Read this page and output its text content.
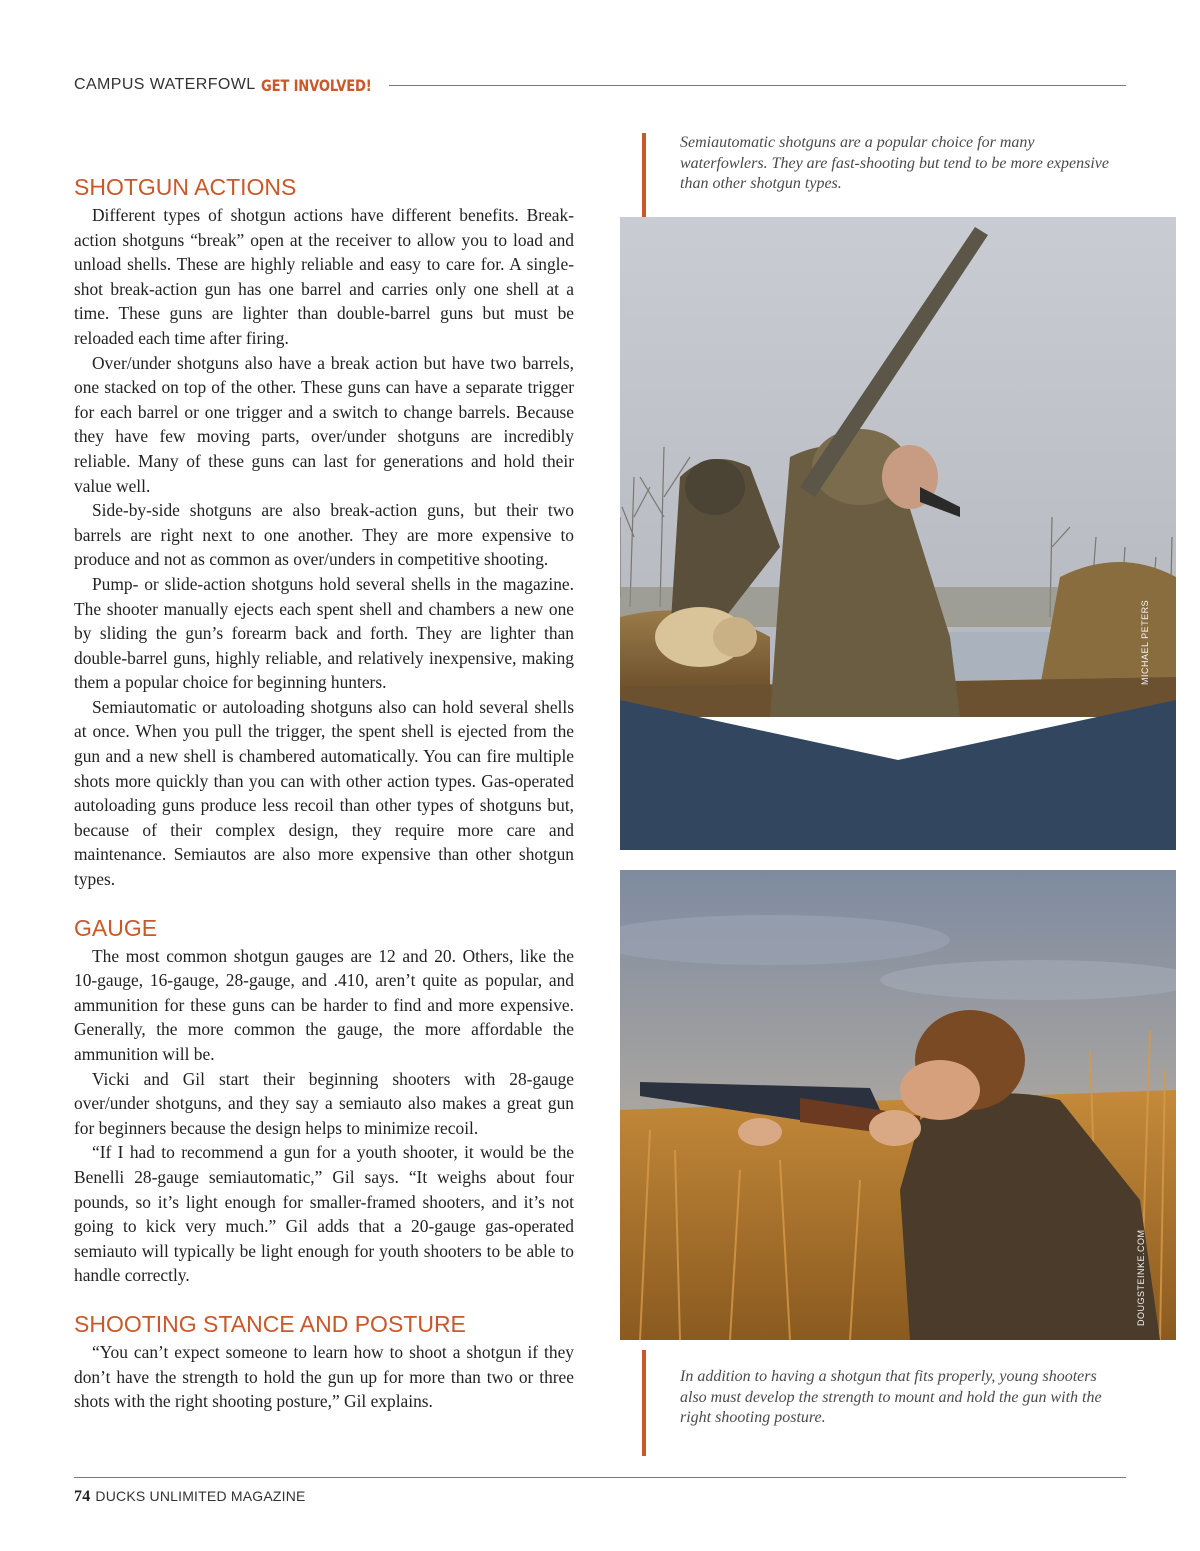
CAMPUS WATERFOWL GET INVOLVED!
SHOTGUN ACTIONS

Different types of shotgun actions have different benefits. Break-action shotguns “break” open at the receiver to allow you to load and unload shells. These are highly reliable and easy to care for. A single-shot break-action gun has one barrel and carries only one shell at a time. These guns are lighter than double-barrel guns but must be reloaded each time after firing.

Over/under shotguns also have a break action but have two barrels, one stacked on top of the other. These guns can have a separate trigger for each barrel or one trigger and a switch to change barrels. Because they have few moving parts, over/under shotguns are incredibly reliable. Many of these guns can last for generations and hold their value well.

Side-by-side shotguns are also break-action guns, but their two barrels are right next to one another. They are more expensive to produce and not as common as over/unders in competitive shooting.

Pump- or slide-action shotguns hold several shells in the magazine. The shooter manually ejects each spent shell and chambers a new one by sliding the gun’s forearm back and forth. They are lighter than double-barrel guns, highly reliable, and relatively inexpensive, making them a popular choice for beginning hunters.

Semiautomatic or autoloading shotguns also can hold several shells at once. When you pull the trigger, the spent shell is ejected from the gun and a new shell is chambered automatically. You can fire multiple shots more quickly than you can with other action types. Gas-operated autoloading guns produce less recoil than other types of shotguns but, because of their complex design, they require more care and maintenance. Semiautos are also more expensive than other shotgun types.

GAUGE

The most common shotgun gauges are 12 and 20. Others, like the 10-gauge, 16-gauge, 28-gauge, and .410, aren’t quite as popular, and ammunition for these guns can be harder to find and more expensive. Generally, the more common the gauge, the more affordable the ammunition will be.

Vicki and Gil start their beginning shooters with 28-gauge over/under shotguns, and they say a semiauto also makes a great gun for beginners because the design helps to minimize recoil.

“If I had to recommend a gun for a youth shooter, it would be the Benelli 28-gauge semiautomatic,” Gil says. “It weighs about four pounds, so it’s light enough for smaller-framed shooters, and it’s not going to kick very much.” Gil adds that a 20-gauge gas-operated semiauto will typically be light enough for youth shooters to be able to handle correctly.

SHOOTING STANCE AND POSTURE

“You can’t expect someone to learn how to shoot a shotgun if they don’t have the strength to hold the gun up for more than two or three shots with the right shooting posture,” Gil explains.

Semiautomatic shotguns are a popular choice for many waterfowlers. They are fast-shooting but tend to be more expensive than other shotgun types.
MICHAEL PETERS
DOUGSTEINKE.COM
In addition to having a shotgun that fits properly, young shooters also must develop the strength to mount and hold the gun with the right shooting posture.
74 DUCKS UNLIMITED MAGAZINE
